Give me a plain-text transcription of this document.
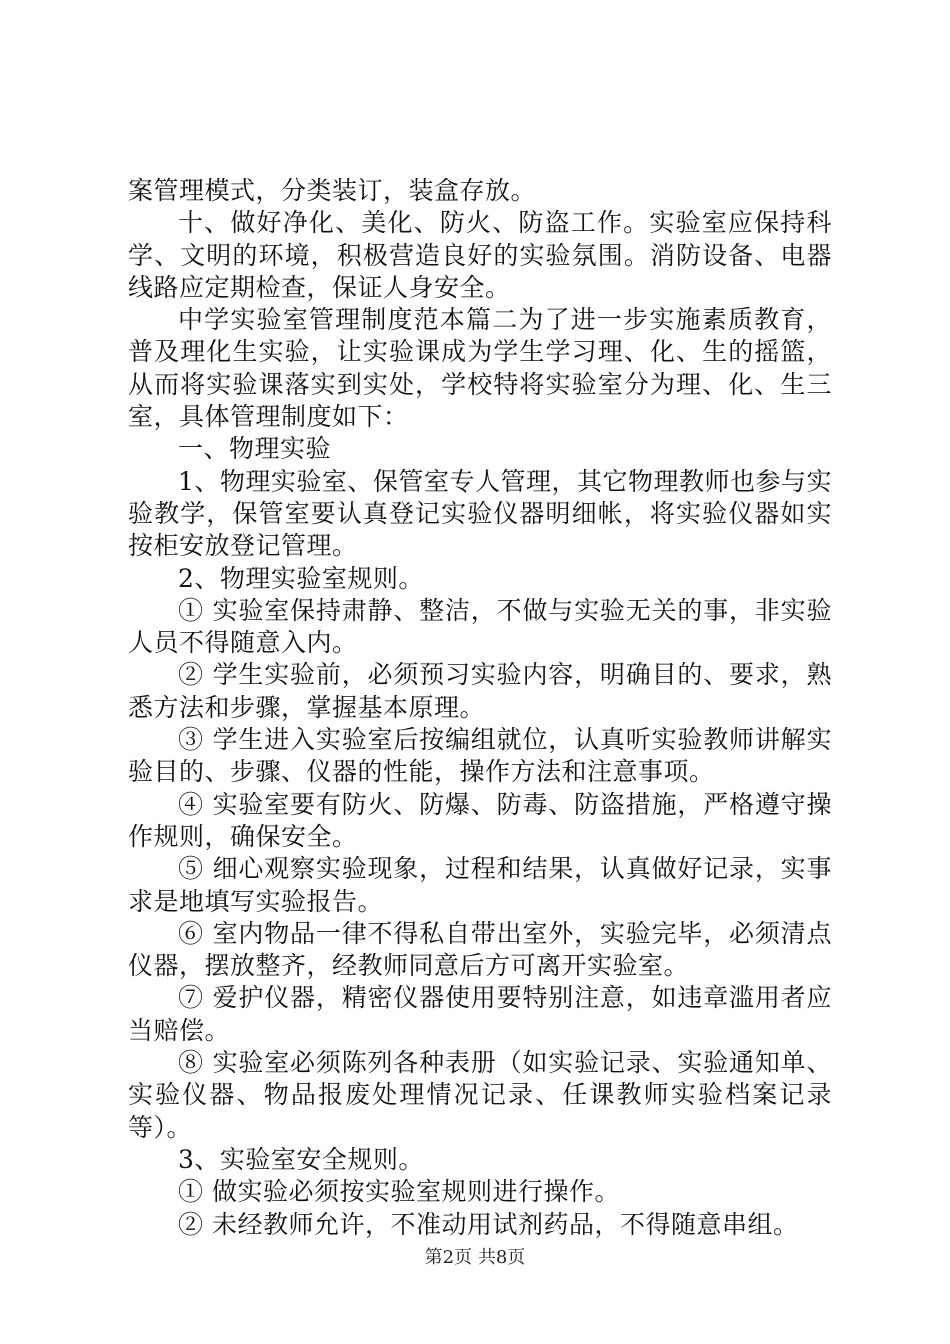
案管理模式，分类装订，装盒存放。
十、做好净化、美化、防火、防盗工作。实验室应保持科
学、文明的环境，积极营造良好的实验氛围。消防设备、电器
线路应定期检查，保证人身安全。
中学实验室管理制度范本篇二为了进一步实施素质教育，
普及理化生实验，让实验课成为学生学习理、化、生的摇篮，
从而将实验课落实到实处，学校特将实验室分为理、化、生三
室，具体管理制度如下：
一、物理实验
1、物理实验室、保管室专人管理，其它物理教师也参与实
验教学，保管室要认真登记实验仪器明细帐，将实验仪器如实
按柜安放登记管理。
2、物理实验室规则。
① 实验室保持肃静、整洁，不做与实验无关的事，非实验
人员不得随意入内。
② 学生实验前，必须预习实验内容，明确目的、要求，熟
悉方法和步骤，掌握基本原理。
③ 学生进入实验室后按编组就位，认真听实验教师讲解实
验目的、步骤、仪器的性能，操作方法和注意事项。
④ 实验室要有防火、防爆、防毒、防盗措施，严格遵守操
作规则，确保安全。
⑤ 细心观察实验现象，过程和结果，认真做好记录，实事
求是地填写实验报告。
⑥ 室内物品一律不得私自带出室外，实验完毕，必须清点
仪器，摆放整齐，经教师同意后方可离开实验室。
⑦ 爱护仪器，精密仪器使用要特别注意，如违章滥用者应
当赔偿。
⑧ 实验室必须陈列各种表册（如实验记录、实验通知单、
实验仪器、物品报废处理情况记录、任课教师实验档案记录
等）。
3、实验室安全规则。
① 做实验必须按实验室规则进行操作。
② 未经教师允许，不准动用试剂药品，不得随意串组。
第2页 共8页
